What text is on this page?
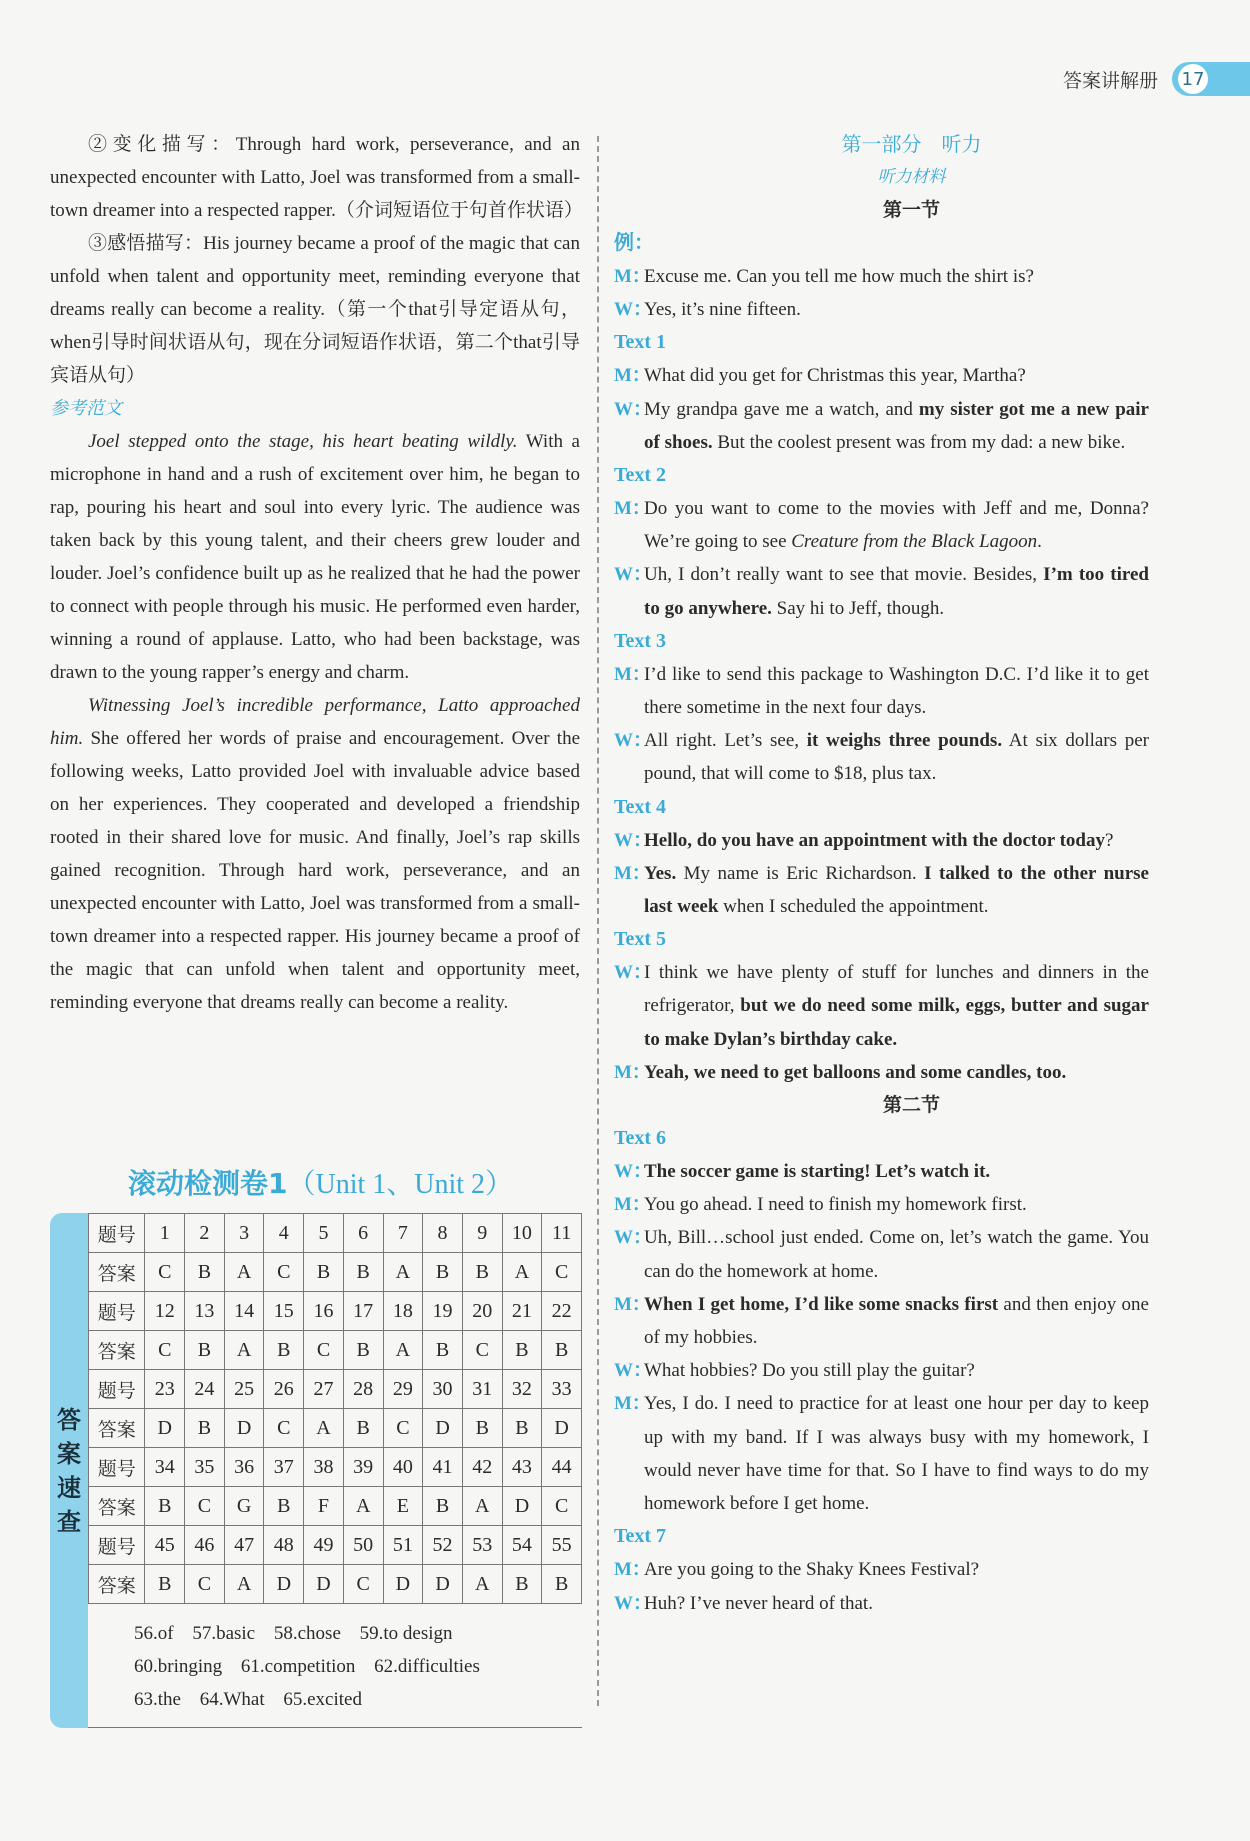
答案讲解册 17

②变化描写：Through hard work, perseverance, and an unexpected encounter with Latto, Joel was transformed from a small-town dreamer into a respected rapper.（介词短语位于句首作状语）

③感悟描写：His journey became a proof of the magic that can unfold when talent and opportunity meet, reminding everyone that dreams really can become a reality.（第一个that引导定语从句，when引导时间状语从句，现在分词短语作状语，第二个that引导宾语从句）

参考范文

Joel stepped onto the stage, his heart beating wildly. With a microphone in hand and a rush of excitement over him, he began to rap, pouring his heart and soul into every lyric. The audience was taken back by this young talent, and their cheers grew louder and louder. Joel’s confidence built up as he realized that he had the power to connect with people through his music. He performed even harder, winning a round of applause. Latto, who had been backstage, was drawn to the young rapper’s energy and charm.

Witnessing Joel’s incredible performance, Latto approached him. She offered her words of praise and encouragement. Over the following weeks, Latto provided Joel with invaluable advice based on her experiences. They cooperated and developed a friendship rooted in their shared love for music. And finally, Joel’s rap skills gained recognition. Through hard work, perseverance, and an unexpected encounter with Latto, Joel was transformed from a small-town dreamer into a respected rapper. His journey became a proof of the magic that can unfold when talent and opportunity meet, reminding everyone that dreams really can become a reality.

滚动检测卷1（Unit 1、Unit 2）
答
案
速
查
题号	1	2	3	4	5	6	7	8	9	10	11
答案	C	B	A	C	B	B	A	B	B	A	C
题号	12	13	14	15	16	17	18	19	20	21	22
答案	C	B	A	B	C	B	A	B	C	B	B
题号	23	24	25	26	27	28	29	30	31	32	33
答案	D	B	D	C	A	B	C	D	B	B	D
题号	34	35	36	37	38	39	40	41	42	43	44
答案	B	C	G	B	F	A	E	B	A	D	C
题号	45	46	47	48	49	50	51	52	53	54	55
答案	B	C	A	D	D	C	D	D	A	B	B
56.of 57.basic 58.chose 59.to design
60.bringing 61.competition 62.difficulties
63.the 64.What 65.excited
第一部分　听力
听力材料
第一节
例：
M：
Excuse me. Can you tell me how much the shirt is?
W：
Yes, it’s nine fifteen.
Text 1
M：
What did you get for Christmas this year, Martha?
W：
My grandpa gave me a watch, and my sister got me a new pair of shoes. But the coolest present was from my dad: a new bike.
Text 2
M：
Do you want to come to the movies with Jeff and me, Donna? We’re going to see Creature from the Black Lagoon.
W：
Uh, I don’t really want to see that movie. Besides, I’m too tired to go anywhere. Say hi to Jeff, though.
Text 3
M：
I’d like to send this package to Washington D.C. I’d like it to get there sometime in the next four days.
W：
All right. Let’s see, it weighs three pounds. At six dollars per pound, that will come to $18, plus tax.
Text 4
W：
Hello, do you have an appointment with the doctor today?
M：
Yes. My name is Eric Richardson. I talked to the other nurse last week when I scheduled the appointment.
Text 5
W：
I think we have plenty of stuff for lunches and dinners in the refrigerator, but we do need some milk, eggs, butter and sugar to make Dylan’s birthday cake.
M：
Yeah, we need to get balloons and some candles, too.
第二节
Text 6
W：
The soccer game is starting! Let’s watch it.
M：
You go ahead. I need to finish my homework first.
W：
Uh, Bill…school just ended. Come on, let’s watch the game. You can do the homework at home.
M：
When I get home, I’d like some snacks first and then enjoy one of my hobbies.
W：
What hobbies? Do you still play the guitar?
M：
Yes, I do. I need to practice for at least one hour per day to keep up with my band. If I was always busy with my homework, I would never have time for that. So I have to find ways to do my homework before I get home.
Text 7
M：
Are you going to the Shaky Knees Festival?
W：
Huh? I’ve never heard of that.
